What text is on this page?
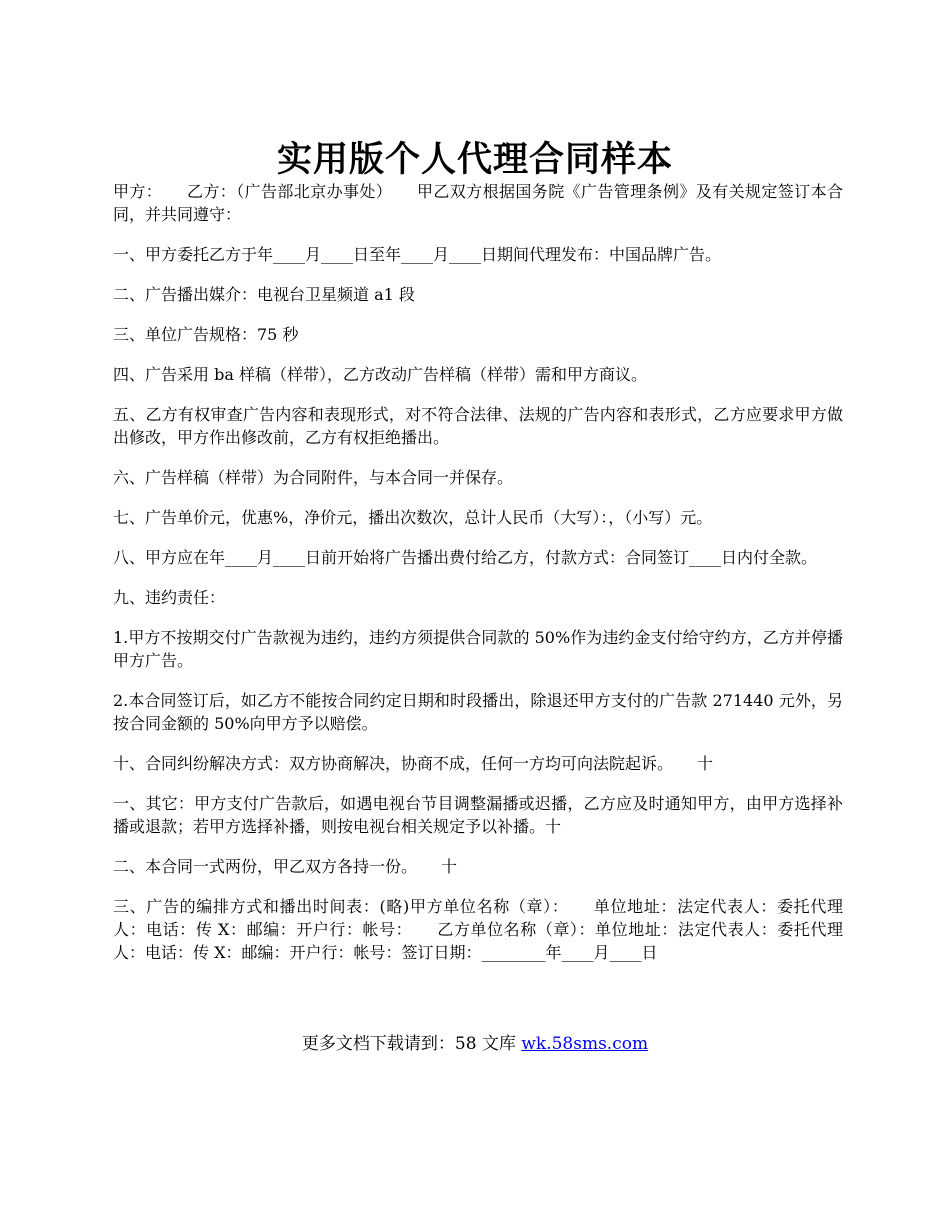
实用版个人代理合同样本

甲方：　　乙方：（广告部北京办事处）　　甲乙双方根据国务院《广告管理条例》及有关规定签订本合同，并共同遵守：

一、甲方委托乙方于年____月____日至年____月____日期间代理发布：中国品牌广告。

二、广告播出媒介：电视台卫星频道 a1 段

三、单位广告规格：75 秒

四、广告采用 ba 样稿（样带），乙方改动广告样稿（样带）需和甲方商议。

五、乙方有权审查广告内容和表现形式，对不符合法律、法规的广告内容和表形式，乙方应要求甲方做出修改，甲方作出修改前，乙方有权拒绝播出。

六、广告样稿（样带）为合同附件，与本合同一并保存。

七、广告单价元，优惠%，净价元，播出次数次，总计人民币（大写）：，（小写）元。

八、甲方应在年____月____日前开始将广告播出费付给乙方，付款方式：合同签订____日内付全款。

九、违约责任：

1.甲方不按期交付广告款视为违约，违约方须提供合同款的 50%作为违约金支付给守约方，乙方并停播甲方广告。

2.本合同签订后，如乙方不能按合同约定日期和时段播出，除退还甲方支付的广告款 271440 元外，另按合同金额的 50%向甲方予以赔偿。

十、合同纠纷解决方式：双方协商解决，协商不成，任何一方均可向法院起诉。　　十

一、其它：甲方支付广告款后，如遇电视台节目调整漏播或迟播，乙方应及时通知甲方，由甲方选择补播或退款；若甲方选择补播，则按电视台相关规定予以补播。十

二、本合同一式两份，甲乙双方各持一份。　　十

三、广告的编排方式和播出时间表：(略)甲方单位名称（章）：　　单位地址：法定代表人：委托代理人：电话：传 X：邮编：开户行：帐号：　　乙方单位名称（章）：单位地址：法定代表人：委托代理人：电话：传 X：邮编：开户行：帐号：签订日期：________年____月____日

更多文档下载请到：58 文库 wk.58sms.com
